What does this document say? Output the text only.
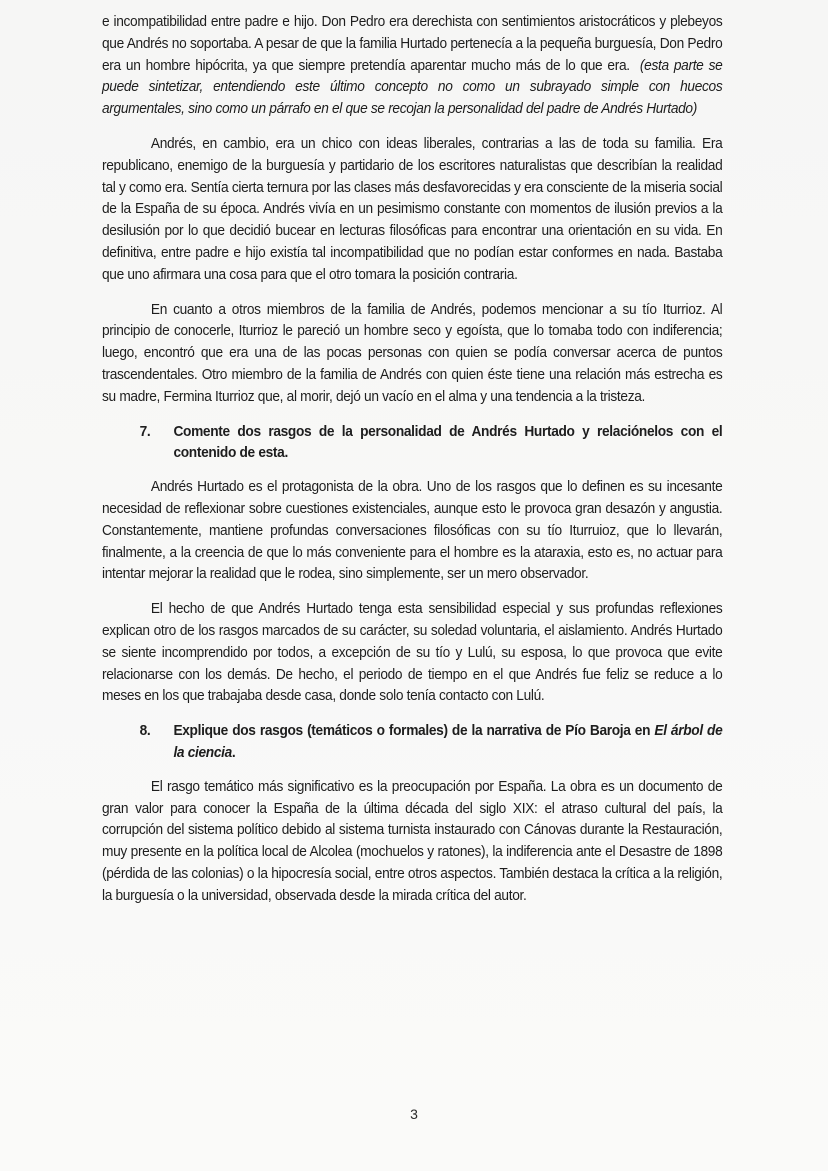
e incompatibilidad entre padre e hijo. Don Pedro era derechista con sentimientos aristocráticos y plebeyos que Andrés no soportaba. A pesar de que la familia Hurtado pertenecía a la pequeña burguesía, Don Pedro era un hombre hipócrita, ya que siempre pretendía aparentar mucho más de lo que era. (esta parte se puede sintetizar, entendiendo este último concepto no como un subrayado simple con huecos argumentales, sino como un párrafo en el que se recojan la personalidad del padre de Andrés Hurtado)

Andrés, en cambio, era un chico con ideas liberales, contrarias a las de toda su familia. Era republicano, enemigo de la burguesía y partidario de los escritores naturalistas que describían la realidad tal y como era. Sentía cierta ternura por las clases más desfavorecidas y era consciente de la miseria social de la España de su época. Andrés vivía en un pesimismo constante con momentos de ilusión previos a la desilusión por lo que decidió bucear en lecturas filosóficas para encontrar una orientación en su vida. En definitiva, entre padre e hijo existía tal incompatibilidad que no podían estar conformes en nada. Bastaba que uno afirmara una cosa para que el otro tomara la posición contraria.

En cuanto a otros miembros de la familia de Andrés, podemos mencionar a su tío Iturrioz. Al principio de conocerle, Iturrioz le pareció un hombre seco y egoísta, que lo tomaba todo con indiferencia; luego, encontró que era una de las pocas personas con quien se podía conversar acerca de puntos trascendentales. Otro miembro de la familia de Andrés con quien éste tiene una relación más estrecha es su madre, Fermina Iturrioz que, al morir, dejó un vacío en el alma y una tendencia a la tristeza.

7.	Comente dos rasgos de la personalidad de Andrés Hurtado y relaciónelos con el contenido de esta.

Andrés Hurtado es el protagonista de la obra. Uno de los rasgos que lo definen es su incesante necesidad de reflexionar sobre cuestiones existenciales, aunque esto le provoca gran desazón y angustia. Constantemente, mantiene profundas conversaciones filosóficas con su tío Iturruioz, que lo llevarán, finalmente, a la creencia de que lo más conveniente para el hombre es la ataraxia, esto es, no actuar para intentar mejorar la realidad que le rodea, sino simplemente, ser un mero observador.

El hecho de que Andrés Hurtado tenga esta sensibilidad especial y sus profundas reflexiones explican otro de los rasgos marcados de su carácter, su soledad voluntaria, el aislamiento. Andrés Hurtado se siente incomprendido por todos, a excepción de su tío y Lulú, su esposa, lo que provoca que evite relacionarse con los demás. De hecho, el periodo de tiempo en el que Andrés fue feliz se reduce a lo meses en los que trabajaba desde casa, donde solo tenía contacto con Lulú.

8.	Explique dos rasgos (temáticos o formales) de la narrativa de Pío Baroja en El árbol de la ciencia.

El rasgo temático más significativo es la preocupación por España. La obra es un documento de gran valor para conocer la España de la última década del siglo XIX: el atraso cultural del país, la corrupción del sistema político debido al sistema turnista instaurado con Cánovas durante la Restauración, muy presente en la política local de Alcolea (mochuelos y ratones), la indiferencia ante el Desastre de 1898 (pérdida de las colonias) o la hipocresía social, entre otros aspectos. También destaca la crítica a la religión, la burguesía o la universidad, observada desde la mirada crítica del autor.

3
